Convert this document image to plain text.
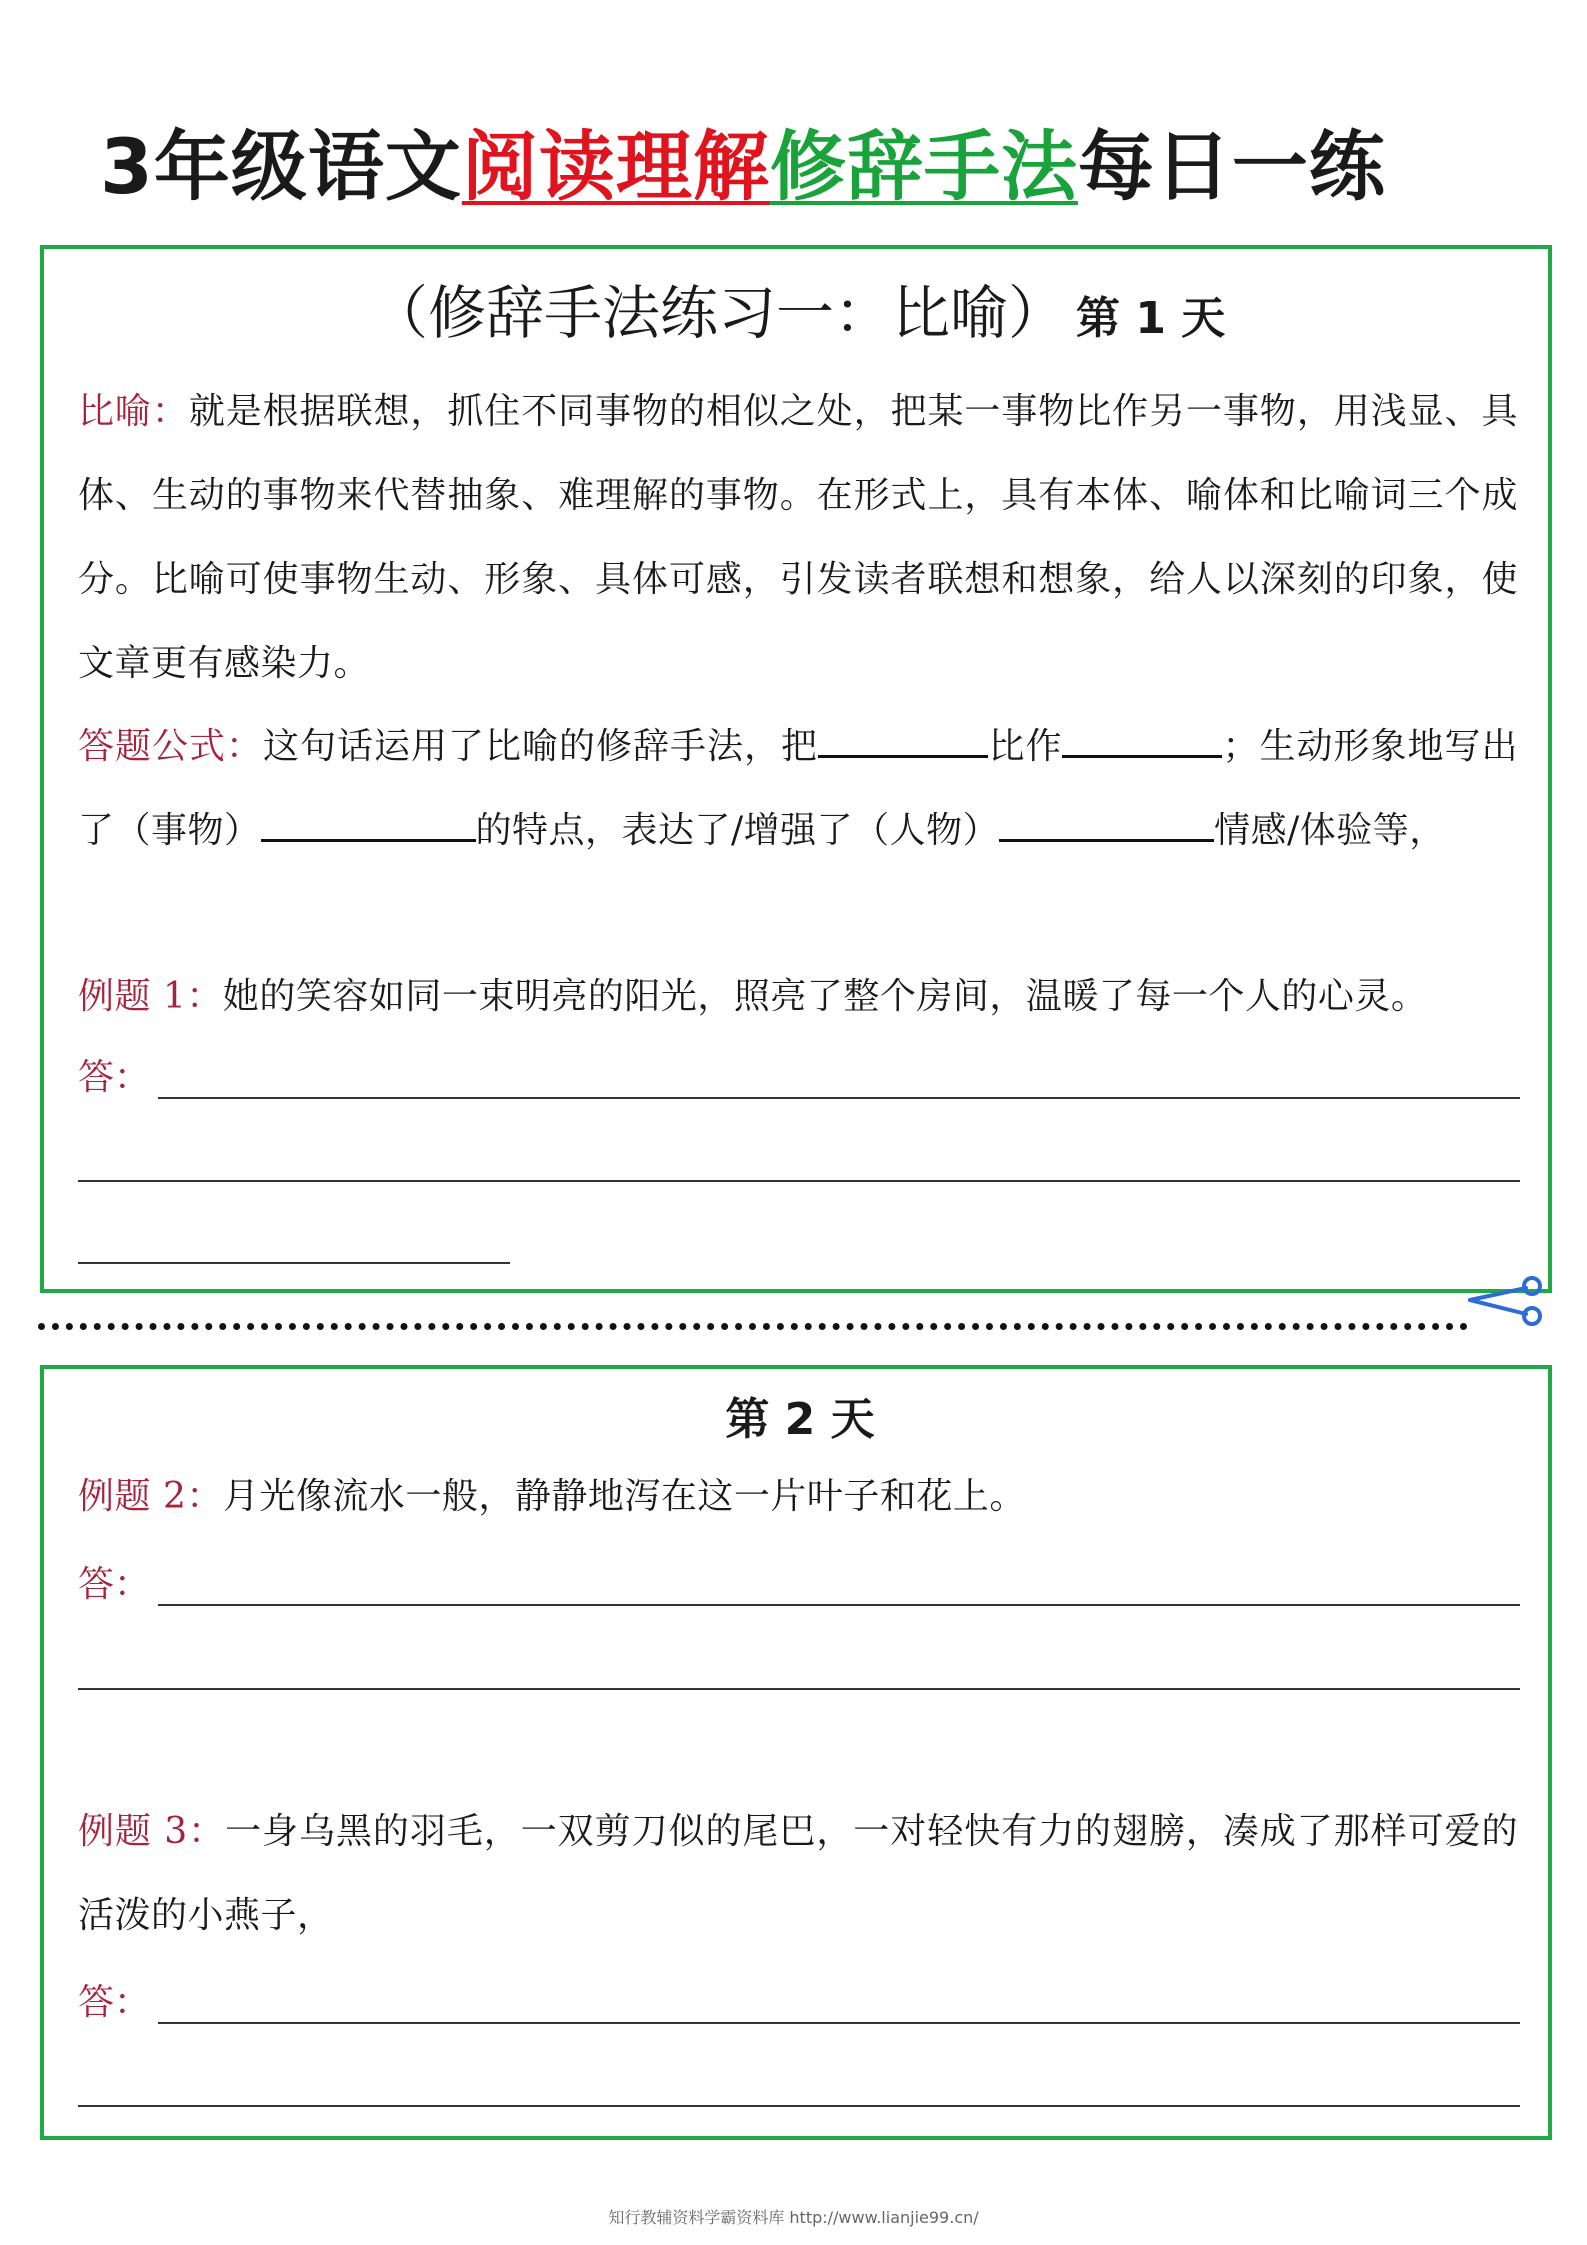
3年级语文阅读理解修辞手法每日一练
（修辞手法练习一：比喻） 第 1 天
比喻：就是根据联想，抓住不同事物的相似之处，把某一事物比作另一事物，用浅显、具体、生动的事物来代替抽象、难理解的事物。在形式上，具有本体、喻体和比喻词三个成分。比喻可使事物生动、形象、具体可感，引发读者联想和想象，给人以深刻的印象，使文章更有感染力。
答题公式：这句话运用了比喻的修辞手法，把	比作	；生动形象地写出了（事物）	的特点，表达了/增强了（人物）	情感/体验等，
例题 1：她的笑容如同一束明亮的阳光，照亮了整个房间，温暖了每一个人的心灵。
答：
第 2 天
例题 2：月光像流水一般，静静地泻在这一片叶子和花上。
答：
例题 3：一身乌黑的羽毛，一双剪刀似的尾巴，一对轻快有力的翅膀，凑成了那样可爱的活泼的小燕子，
答：
知行教辅资料学霸资料库 http://www.lianjie99.cn/
